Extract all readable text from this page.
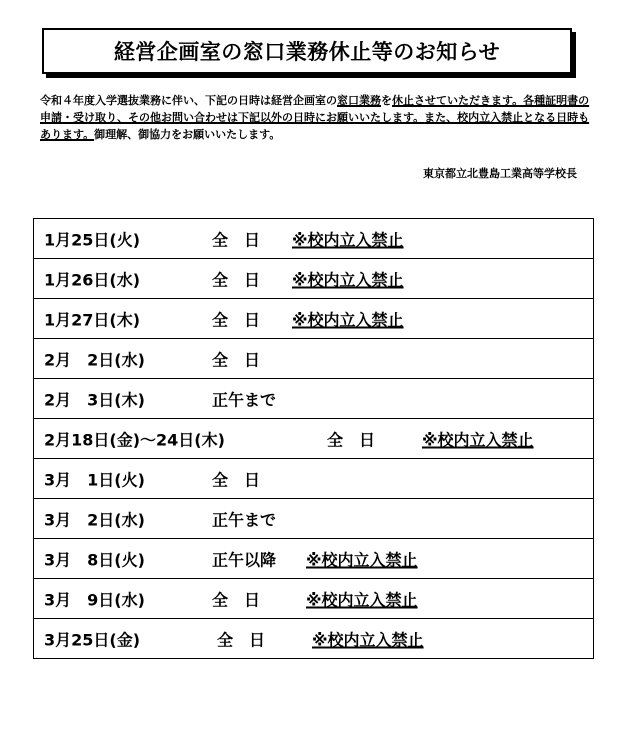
経営企画室の窓口業務休止等のお知らせ
令和４年度入学選抜業務に伴い、下記の日時は経営企画室の窓口業務を休止させていただきます。各種証明書の申請・受け取り、その他お問い合わせは下記以外の日時にお願いいたします。また、校内立入禁止となる日時もあります。御理解、御協力をお願いいたします。
東京都立北豊島工業高等学校長
1月25日(火)	全　日 ※校内立入禁止
1月26日(水)	全　日 ※校内立入禁止
1月27日(木)	全　日 ※校内立入禁止
2月　2日(水)	全　日
2月　3日(木)	正午まで
2月18日(金)～24日(木)	全　日	※校内立入禁止
3月　1日(火)	全　日
3月　2日(水)	正午まで
3月　8日(火)	正午以降 ※校内立入禁止
3月　9日(水)	全　日	※校内立入禁止
3月25日(金)	全　日	※校内立入禁止
